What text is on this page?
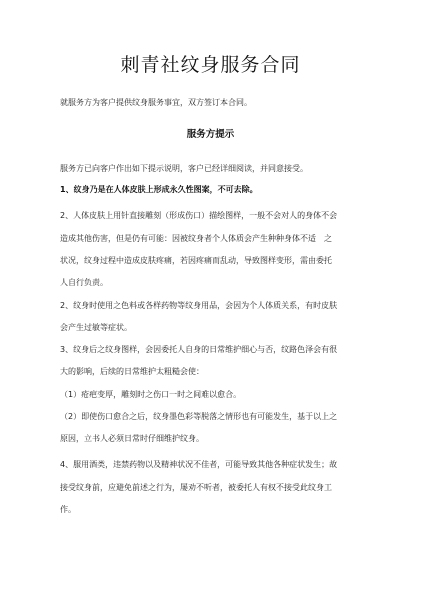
刺青社纹身服务合同
就服务方为客户提供纹身服务事宜，双方签订本合同。
服务方提示
服务方已向客户作出如下提示说明，客户已经详细阅读，并同意接受。
1、纹身乃是在人体皮肤上形成永久性图案，不可去除。
2、人体皮肤上用针直接雕刻（形成伤口）描绘图样，一般不会对人的身体不会
造成其他伤害，但是仍有可能：因被纹身者个人体质会产生种种身体不适　之
状况，纹身过程中造成皮肤疼痛，若因疼痛而乱动，导致图样变形，需由委托
人自行负责。
2、纹身时使用之色料或各样药物等纹身用品，会因为个人体质关系，有时皮肤
会产生过敏等症状。
3、纹身后之纹身图样，会因委托人自身的日常维护细心与否，纹路色泽会有很
大的影响，后续的日常维护太粗糙会使：
（1）疮疤变厚，雕刻时之伤口一时之间难以愈合。
（2）即使伤口愈合之后，纹身墨色彩等脱落之情形也有可能发生，基于以上之
原因，立书人必须日常时仔细维护纹身。
4、服用酒类，违禁药物以及精神状况不佳者，可能导致其他各种症状发生；故
接受纹身前，应避免前述之行为，屡劝不听者，被委托人有权不接受此纹身工
作。
